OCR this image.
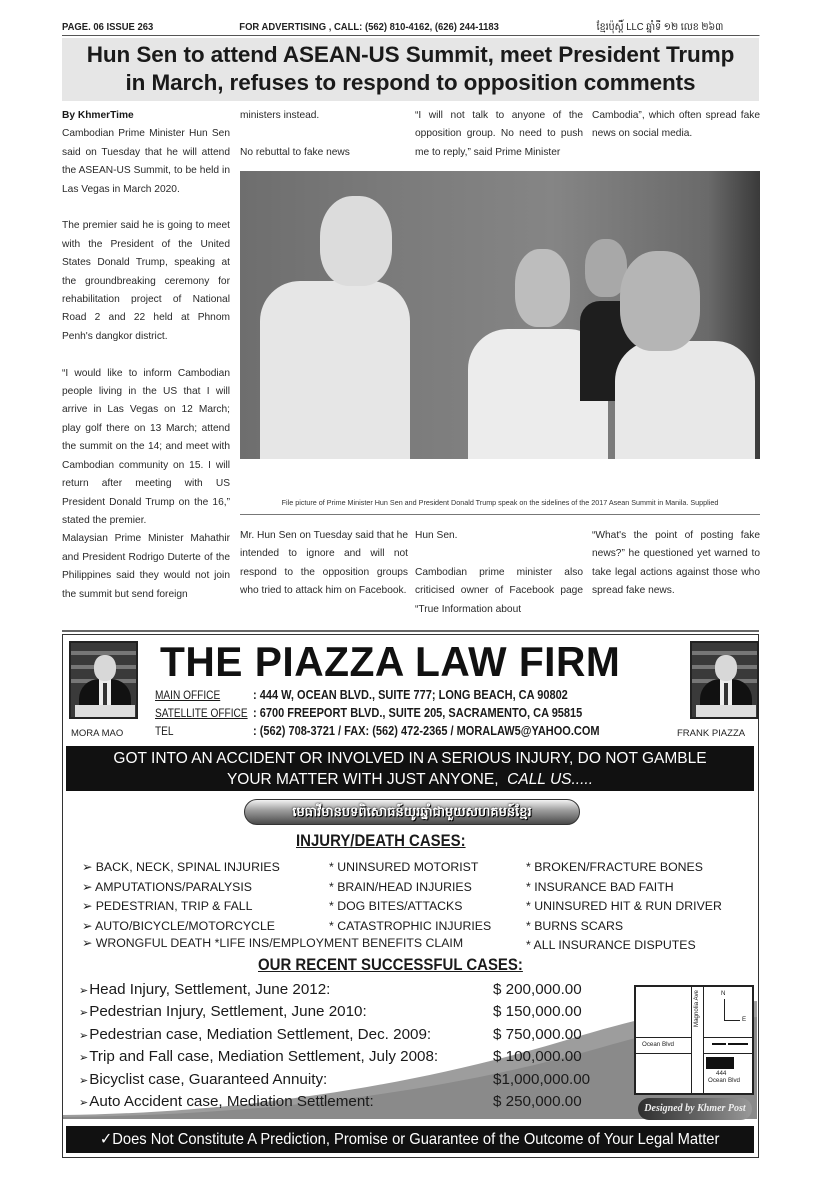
PAGE. 06 ISSUE 263	FOR ADVERTISING , CALL: (562) 810-4162, (626) 244-1183	ខ្មែរប៉ុស្តិ៍ LLC ឆ្នាំទី ១២ លេខ ២៦៣
Hun Sen to attend ASEAN-US Summit, meet President Trump
in March, refuses to respond to opposition comments

By KhmerTime

Cambodian Prime Minister Hun Sen said on Tuesday that he will attend the ASEAN-US Summit, to be held in Las Vegas in March 2020.

The premier said he is going to meet with the President of the United States Donald Trump, speaking at the groundbreaking ceremony for rehabilitation project of National Road 2 and 22 held at Phnom Penh's dangkor district.

“I would like to inform Cambodian people living in the US that I will arrive in Las Vegas on 12 March; play golf there on 13 March; attend the summit on the 14; and meet with Cambodian community on 15. I will return after meeting with US President Donald Trump on the 16,” stated the premier.

Malaysian Prime Minister Mahathir and President Rodrigo Duterte of the Philippines said they would not join the summit but send foreign

ministers instead.

No rebuttal to fake news

“I will not talk to anyone of the opposition group. No need to push me to reply,” said Prime Minister

Cambodia”, which often spread fake news on social media.

File picture of Prime Minister Hun Sen and President Donald Trump speak on the sidelines of the 2017 Asean Summit in Manila. Supplied

Mr. Hun Sen on Tuesday said that he intended to ignore and will not respond to the opposition groups who tried to attack him on Facebook.

Hun Sen.

Cambodian prime minister also criticised owner of Facebook page “True Information about

“What's the point of posting fake news?” he questioned yet warned to take legal actions against those who spread fake news.

MORA MAO	FRANK PIAZZA
THE PIAZZA LAW FIRM
MAIN OFFICE	: 444 W, OCEAN BLVD., SUITE 777; LONG BEACH, CA 90802
SATELLITE OFFICE : 6700 FREEPORT BLVD., SUITE 205, SACRAMENTO, CA 95815
TEL	: (562) 708-3721 / FAX: (562) 472-2365 / MORALAW5@YAHOO.COM
GOT INTO AN ACCIDENT OR INVOLVED IN A SERIOUS INJURY, DO NOT GAMBLE
YOUR MATTER WITH JUST ANYONE, CALL US.....
មេធាវីមានបទពិសោធន៍យូរឆ្នាំជាមួយសហគមន៍ខ្មែរ
INJURY/DEATH CASES:
➢ BACK, NECK, SPINAL INJURIES
➢ AMPUTATIONS/PARALYSIS
➢ PEDESTRIAN, TRIP & FALL
➢ AUTO/BICYCLE/MOTORCYCLE
* UNINSURED MOTORIST
* BRAIN/HEAD INJURIES
* DOG BITES/ATTACKS
* CATASTROPHIC INJURIES
* BROKEN/FRACTURE BONES
* INSURANCE BAD FAITH
* UNINSURED HIT & RUN DRIVER
* BURNS SCARS
* ALL INSURANCE DISPUTES
➢ WRONGFUL DEATH *LIFE INS/EMPLOYMENT BENEFITS CLAIM
OUR RECENT SUCCESSFUL CASES:
➢Head Injury, Settlement, June 2012:	$ 200,000.00
➢Pedestrian Injury, Settlement, June 2010:	$ 150,000.00
➢Pedestrian case, Mediation Settlement, Dec. 2009:	$ 750,000.00
➢Trip and Fall case, Mediation Settlement, July 2008:	$ 100,000.00
➢Bicyclist case, Guaranteed Annuity:	$1,000,000.00
➢Auto Accident case, Mediation Settlement:	$ 250,000.00
Magnolia Ave
Ocean Blvd
N
E
444
Ocean Blvd
Designed by Khmer Post
✓Does Not Constitute A Prediction, Promise or Guarantee of the Outcome of Your Legal Matter
